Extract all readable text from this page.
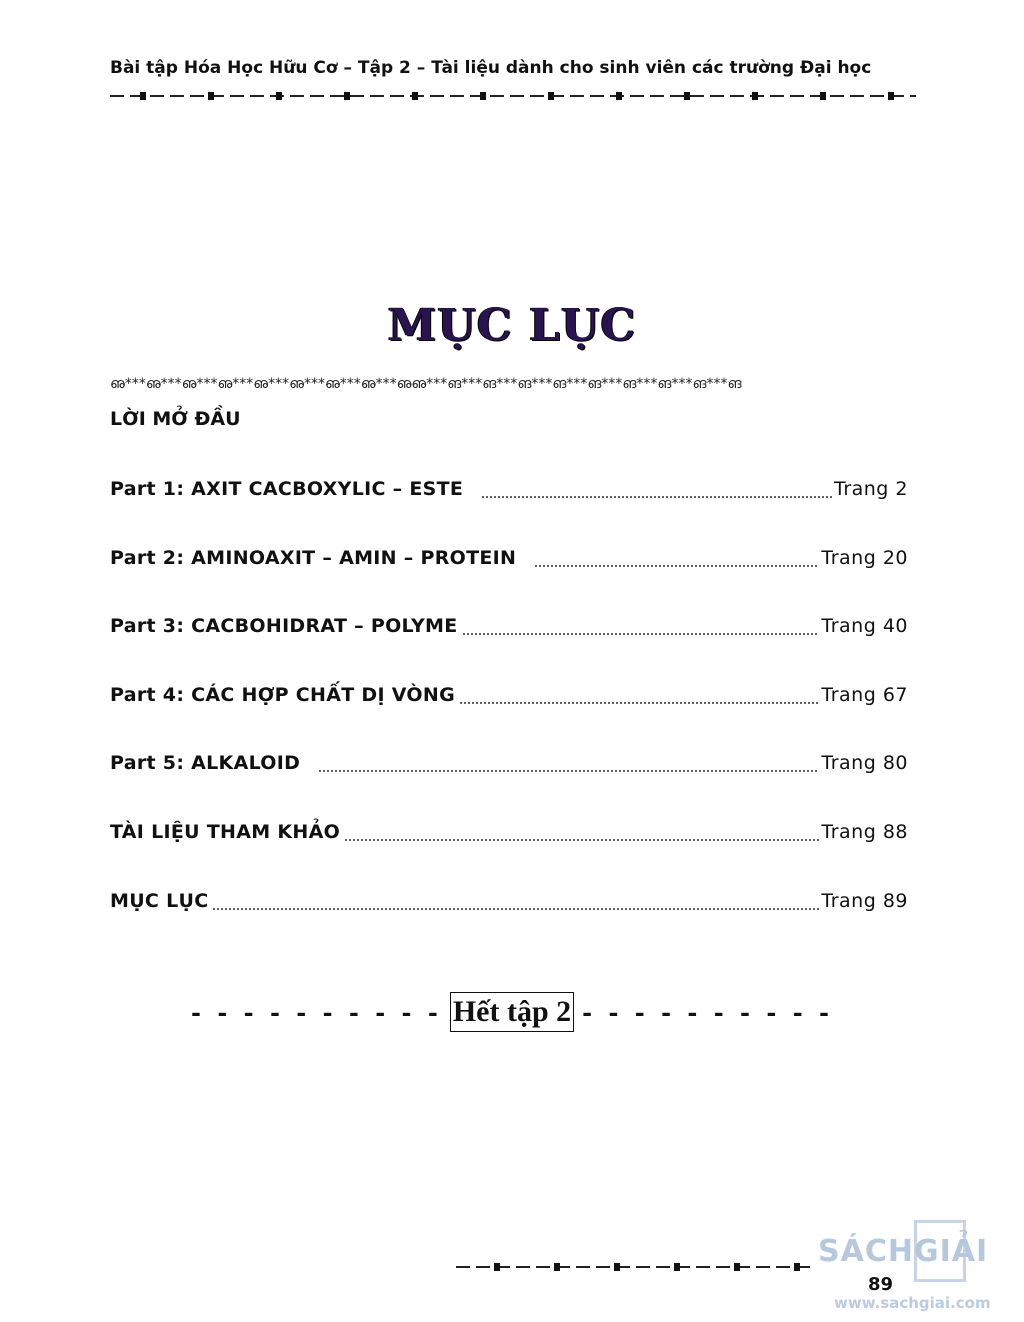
Bài tập Hóa Học Hữu Cơ – Tập 2 – Tài liệu dành cho sinh viên các trường Đại học
MỤC LỤC
ഌ***ഌ***ഌ***ഌ***ഌ***ഌ***ഌ***ഌ***ഌഌ***ങ***ങ***ങ***ങ***ങ***ങ***ങ***ങ***ങ
LỜI MỞ ĐẦU
Part 1: AXIT CACBOXYLIC – ESTE	Trang 2
Part 2: AMINOAXIT – AMIN – PROTEIN	Trang 20
Part 3: CACBOHIDRAT – POLYME	Trang 40
Part 4: CÁC HỢP CHẤT DỊ VÒNG	Trang 67
Part 5: ALKALOID	Trang 80
TÀI LIỆU THAM KHẢO	Trang 88
MỤC LỤC	Trang 89
- - - - - - - - - - Hết tập 2 - - - - - - - - - -
SÁCHGIẢI
www.sachgiai.com
89
